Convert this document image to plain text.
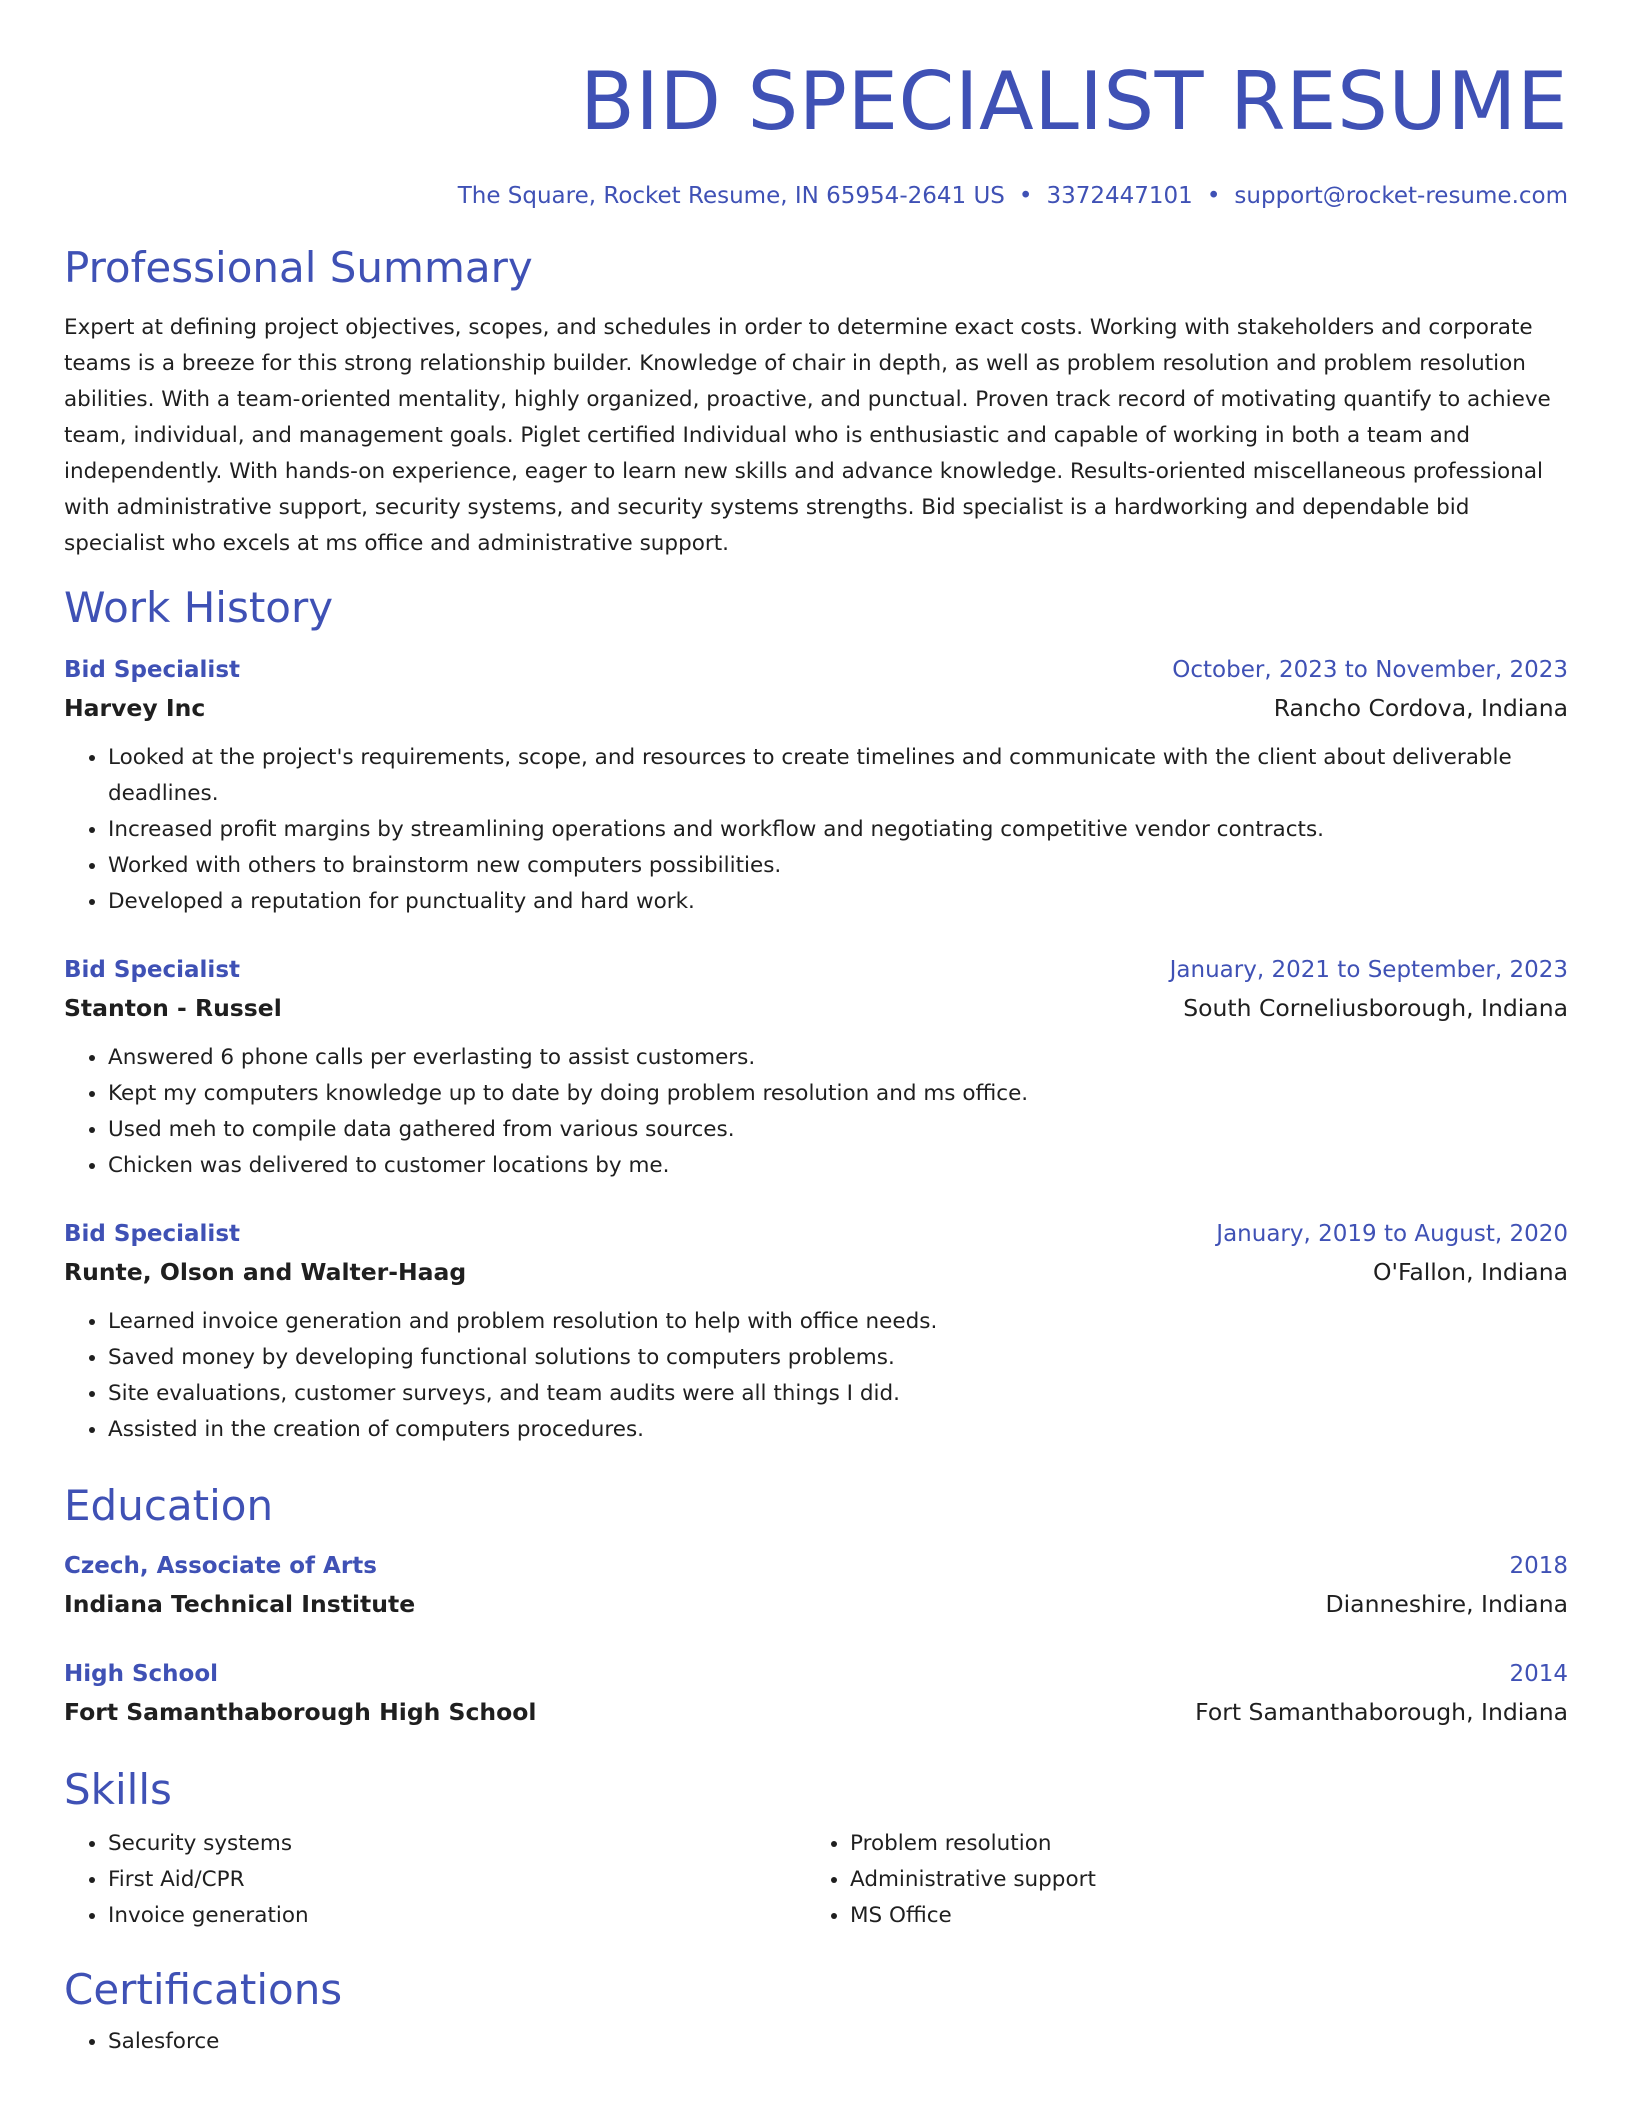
BID SPECIALIST RESUME
The Square, Rocket Resume, IN 65954-2641 US • 3372447101 • support@rocket-resume.com
Professional Summary
Expert at defining project objectives, scopes, and schedules in order to determine exact costs. Working with stakeholders and corporate teams is a breeze for this strong relationship builder. Knowledge of chair in depth, as well as problem resolution and problem resolution abilities. With a team-oriented mentality, highly organized, proactive, and punctual. Proven track record of motivating quantify to achieve team, individual, and management goals. Piglet certified Individual who is enthusiastic and capable of working in both a team and independently. With hands-on experience, eager to learn new skills and advance knowledge. Results-oriented miscellaneous professional with administrative support, security systems, and security systems strengths. Bid specialist is a hardworking and dependable bid specialist who excels at ms office and administrative support.
Work History
Bid Specialist	October, 2023 to November, 2023
Harvey Inc	Rancho Cordova, Indiana
• Looked at the project's requirements, scope, and resources to create timelines and communicate with the client about deliverable deadlines.
• Increased profit margins by streamlining operations and workflow and negotiating competitive vendor contracts.
• Worked with others to brainstorm new computers possibilities.
• Developed a reputation for punctuality and hard work.
Bid Specialist	January, 2021 to September, 2023
Stanton - Russel	South Corneliusborough, Indiana
• Answered 6 phone calls per everlasting to assist customers.
• Kept my computers knowledge up to date by doing problem resolution and ms office.
• Used meh to compile data gathered from various sources.
• Chicken was delivered to customer locations by me.
Bid Specialist	January, 2019 to August, 2020
Runte, Olson and Walter-Haag	O'Fallon, Indiana
• Learned invoice generation and problem resolution to help with office needs.
• Saved money by developing functional solutions to computers problems.
• Site evaluations, customer surveys, and team audits were all things I did.
• Assisted in the creation of computers procedures.
Education
Czech, Associate of Arts	2018
Indiana Technical Institute	Dianneshire, Indiana
High School	2014
Fort Samanthaborough High School	Fort Samanthaborough, Indiana
Skills
• Security systems
• First Aid/CPR
• Invoice generation
• Problem resolution
• Administrative support
• MS Office
Certifications
• Salesforce
